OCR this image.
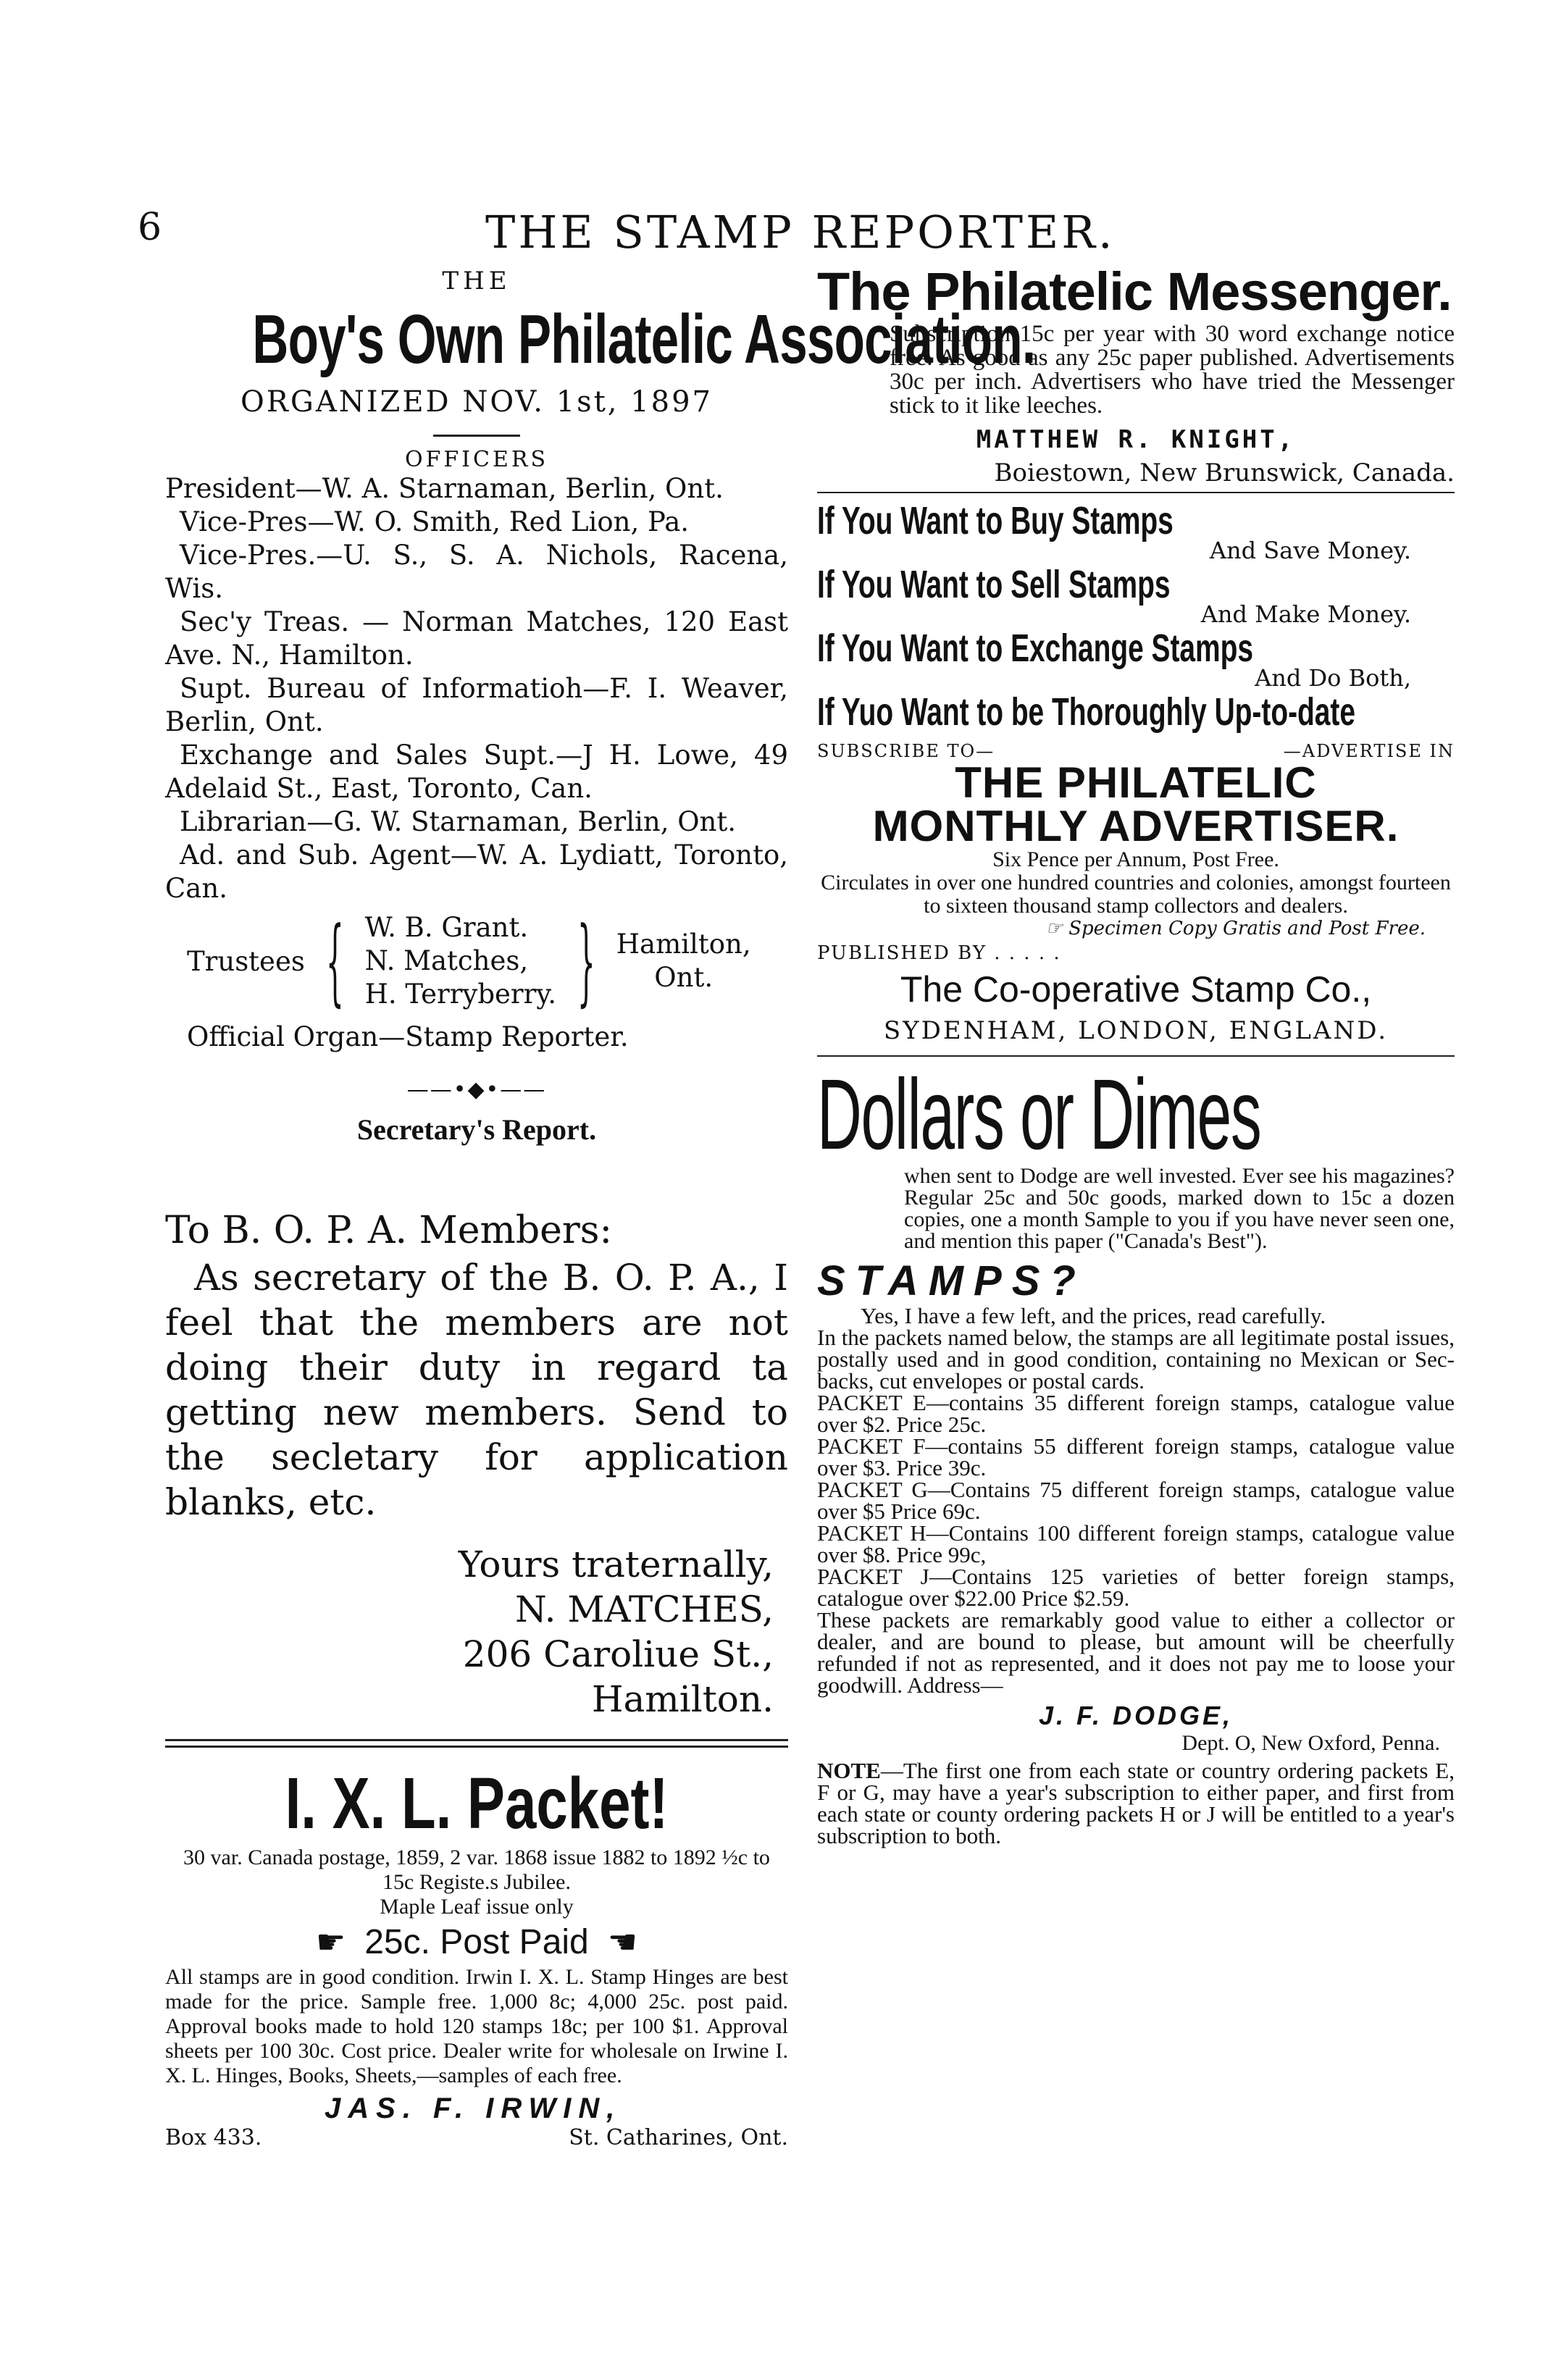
6	THE STAMP REPORTER.
THE
Boy's Own Philatelic Association.
ORGANIZED NOV. 1st, 1897
OFFICERS
President—W. A. Starnaman, Berlin, Ont.
Vice-Pres—W. O. Smith, Red Lion, Pa.
Vice-Pres.—U. S., S. A. Nichols, Racena, Wis.
Sec'y Treas. — Norman Matches, 120 East Ave. N., Hamilton.
Supt. Bureau of Informatioh—F. I. Weaver, Berlin, Ont.
Exchange and Sales Supt.—J H. Lowe, 49 Adelaid St., East, Toronto, Can.
Librarian—G. W. Starnaman, Berlin, Ont.
Ad. and Sub. Agent—W. A. Lydiatt, Toronto, Can.
Trustees { W. B. Grant.
N. Matches,
H. Terryberry. } Hamilton,
Ont.
Official Organ—Stamp Reporter.
——•◆•——
Secretary's Report.
To B. O. P. A. Members:
As secretary of the B. O. P. A., I feel that the members are not doing their duty in regard ta getting new members. Send to the secletary for application blanks, etc.
Yours traternally,
N. MATCHES,
206 Caroliue St.,
Hamilton.
I. X. L. Packet!
30 var. Canada postage, 1859, 2 var. 1868 issue 1882 to 1892 ½c to 15c Registe.s Jubilee.
Maple Leaf issue only
☛ 25c. Post Paid ☚
All stamps are in good condition. Irwin I. X. L. Stamp Hinges are best made for the price. Sample free. 1,000 8c; 4,000 25c. post paid. Approval books made to hold 120 stamps 18c; per 100 $1. Approval sheets per 100 30c. Cost price. Dealer write for wholesale on Irwine I. X. L. Hinges, Books, Sheets,—samples of each free.
JAS. F. IRWIN,
Box 433.	St. Catharines, Ont.
The Philatelic Messenger.
Subscription 15c per year with 30 word exchange notice free. As good as any 25c paper published. Advertisements 30c per inch. Advertisers who have tried the Messenger stick to it like leeches.
MATTHEW R. KNIGHT,
Boiestown, New Brunswick, Canada.
If You Want to Buy Stamps
And Save Money.
If You Want to Sell Stamps
And Make Money.
If You Want to Exchange Stamps
And Do Both,
If Yuo Want to be Thoroughly Up-to-date
SUBSCRIBE TO—	—ADVERTISE IN
THE PHILATELIC
MONTHLY ADVERTISER.
Six Pence per Annum, Post Free.
Circulates in over one hundred countries and colonies, amongst fourteen to sixteen thousand stamp collectors and dealers.
☞ Specimen Copy Gratis and Post Free.
PUBLISHED BY . . . . .
The Co-operative Stamp Co.,
SYDENHAM, LONDON, ENGLAND.
Dollars or Dimes
when sent to Dodge are well invested. Ever see his magazines? Regular 25c and 50c goods, marked down to 15c a dozen copies, one a month Sample to you if you have never seen one, and mention this paper ("Canada's Best").
STAMPS?
Yes, I have a few left, and the prices, read carefully.
In the packets named below, the stamps are all legitimate postal issues, postally used and in good condition, containing no Mexican or Sec-backs, cut envelopes or postal cards.
PACKET E—contains 35 different foreign stamps, catalogue value over $2. Price 25c.
PACKET F—contains 55 different foreign stamps, catalogue value over $3. Price 39c.
PACKET G—Contains 75 different foreign stamps, catalogue value over $5 Price 69c.
PACKET H—Contains 100 different foreign stamps, catalogue value over $8. Price 99c,
PACKET J—Contains 125 varieties of better foreign stamps, catalogue over $22.00 Price $2.59.
These packets are remarkably good value to either a collector or dealer, and are bound to please, but amount will be cheerfully refunded if not as represented, and it does not pay me to loose your goodwill. Address—
J. F. DODGE,
Dept. O, New Oxford, Penna.
NOTE—The first one from each state or country ordering packets E, F or G, may have a year's subscription to either paper, and first from each state or county ordering packets H or J will be entitled to a year's subscription to both.
